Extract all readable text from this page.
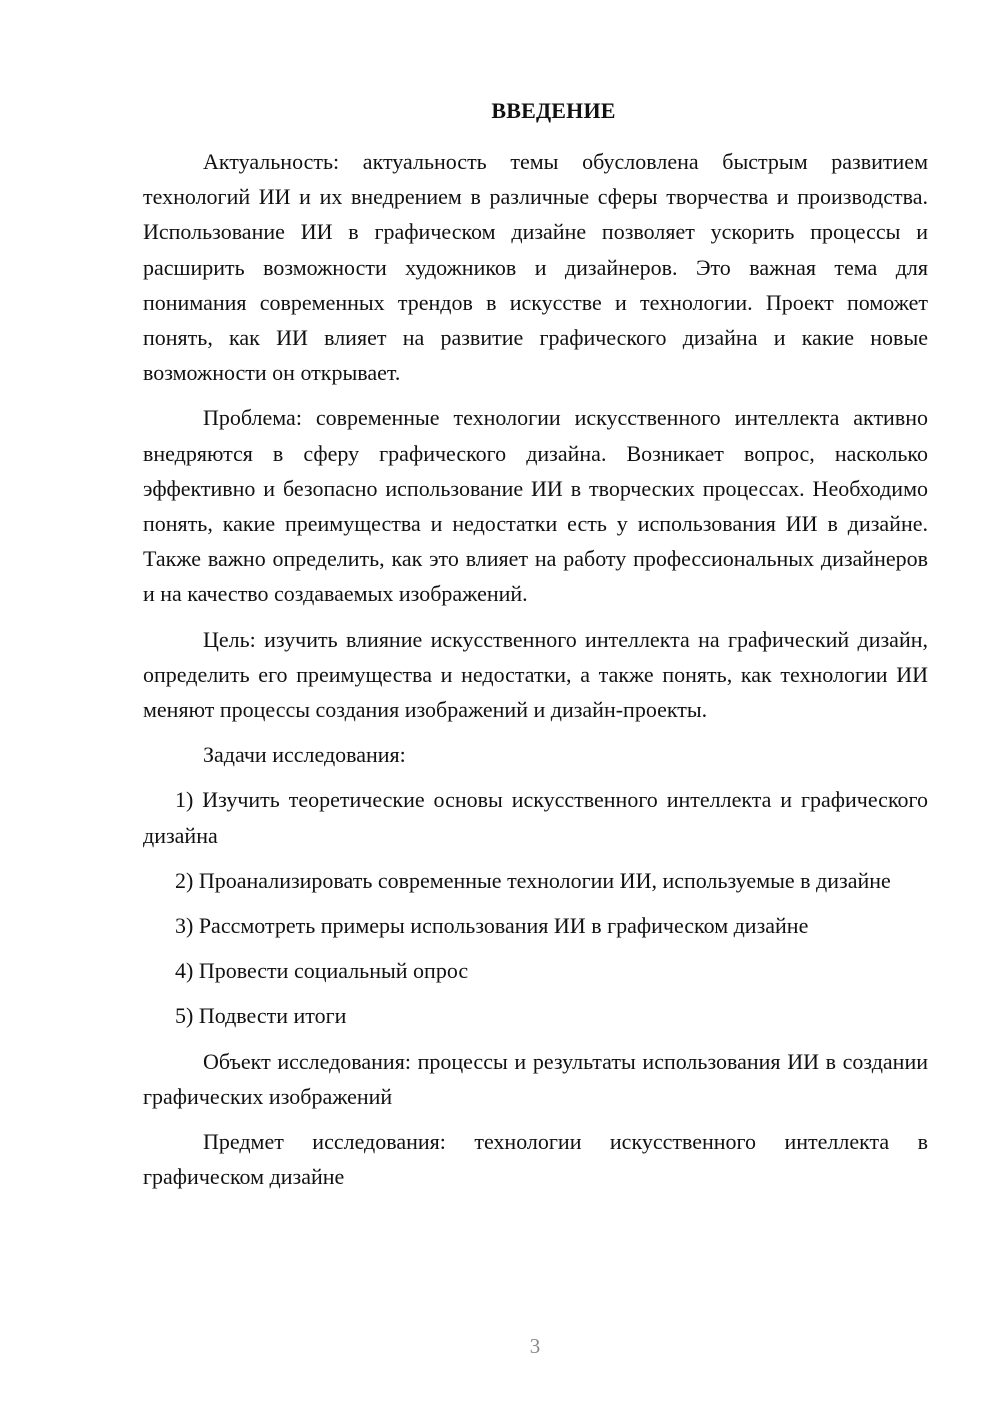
ВВЕДЕНИЕ

Актуальность: актуальность темы обусловлена быстрым развитием технологий ИИ и их внедрением в различные сферы творчества и производства. Использование ИИ в графическом дизайне позволяет ускорить процессы и расширить возможности художников и дизайнеров. Это важная тема для понимания современных трендов в искусстве и технологии. Проект поможет понять, как ИИ влияет на развитие графического дизайна и какие новые возможности он открывает.

Проблема: современные технологии искусственного интеллекта активно внедряются в сферу графического дизайна. Возникает вопрос, насколько эффективно и безопасно использование ИИ в творческих процессах. Необходимо понять, какие преимущества и недостатки есть у использования ИИ в дизайне. Также важно определить, как это влияет на работу профессиональных дизайнеров и на качество создаваемых изображений.

Цель: изучить влияние искусственного интеллекта на графический дизайн, определить его преимущества и недостатки, а также понять, как технологии ИИ меняют процессы создания изображений и дизайн-проекты.

Задачи исследования:

1) Изучить теоретические основы искусственного интеллекта и графического дизайна

2) Проанализировать современные технологии ИИ, используемые в дизайне

3) Рассмотреть примеры использования ИИ в графическом дизайне

4) Провести социальный опрос

5) Подвести итоги

Объект исследования: процессы и результаты использования ИИ в создании графических изображений

Предмет исследования: технологии искусственного интеллекта в графическом дизайне

3
